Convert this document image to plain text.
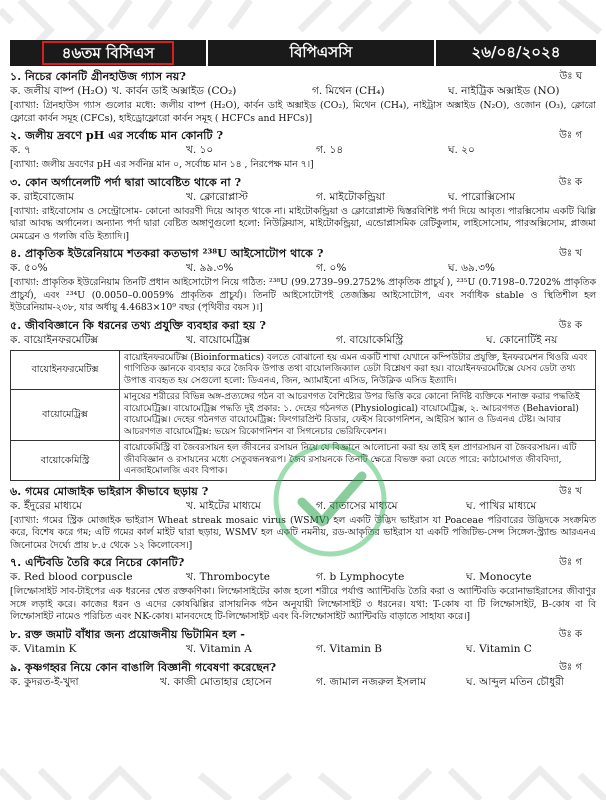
৪৬তম বিসিএস	বিপিএসসি	২৬/০৪/২০২৪
১. নিচের কোনটি গ্রীনহাউজ গ্যাস নয়?	উঃ ঘ
ক. জলীয় বাষ্প (H₂O) খ. কার্বন ডাই অক্সাইড (CO₂)	গ. মিথেন (CH₄)	ঘ. নাইট্রিক অক্সাইড (NO)
[ব্যাখ্যা: গ্রিনহাউস গ্যাস গুলোর মধ্যে: জলীয় বাষ্প (H₂O), কার্বন ডাই অক্সাইড (CO₂), মিথেন (CH₄), নাইট্রাস অক্সাইড (N₂O), ওজোন (O₃), ক্লোরো ফ্লোরো কার্বন সমূহ (CFCs), হাইড্রোফ্লোরো কার্বন সমূহ ( HCFCs and HFCs)]
২. জলীয় দ্রবণে pH এর সর্বোচ্চ মান কোনটি ?	উঃ গ
ক. ৭	খ. ১০	গ. ১৪	ঘ. ২০
[ব্যাখ্যা: জলীয় দ্রবণের pH এর সর্বনিম্ন মান ০, সর্বোচ্চ মান ১৪ , নিরপেক্ষ মান ৭।]
৩. কোন অর্গানেলটি পর্দা দ্বারা আবেষ্টিত থাকে না ?	উঃ ক
ক. রাইবোজোম	খ. ক্লোরোপ্লাস্ট	গ. মাইটোকন্ড্রিয়া	ঘ. পারোক্সিসোম
[ব্যাখ্যা: রাইবোসোম ও সেন্ট্রোসোম- কোনো আবরণী দিয়ে আবৃত থাকে না। মাইটোকন্ড্রিয়া ও ক্লোরোপ্লাস্ট দ্বিস্তরবিশিষ্ট পর্দা দিয়ে আবৃত। পারক্সিসোম একটি ঝিল্লি দ্বারা আবদ্ধ অর্গানেল। অন্যান্য পর্দা দ্বারা বেষ্টিত অঙ্গাণুগুলো হলো: নিউক্লিয়াস, মাইটোকন্ড্রিয়া, এন্ডোপ্লাসমিক রেটিকুলাম, লাইসোসোম, পারঅক্সিসোম, প্লাজমা মেমব্রেন ও গলজি বডি ইত্যাদি।]
৪. প্রাকৃতিক ইউরেনিয়ামে শতকরা কতভাগ ²³⁸U আইসোটোপ থাকে ?	উঃ খ
ক. ৫০%	খ. ৯৯.৩%	গ. ০%	ঘ. ৬৯.৩%
[ব্যাখ্যা: প্রাকৃতিক ইউরেনিয়াম তিনটি প্রধান আইসোটোপ নিয়ে গঠিত: ²³⁸U (99.2739–99.2752% প্রাকৃতিক প্রাচুর্য ), ²³⁵U (0.7198–0.7202% প্রাকৃতিক প্রাচুর্য), এবং ²³⁴U (0.0050–0.0059% প্রাকৃতিক প্রাচুর্য)। তিনটি আইসোটোপই তেজস্ক্রিয় আইসোটোপ, এবং সর্বাধিক stable ও স্থিতিশীল হল ইউরেনিয়াম-২৩৮, যার অর্ধায়ু 4.4683×10⁹ বছর (পৃথিবীর বয়স )।]
৫. জীববিজ্ঞানে কি ধরনের তথ্য প্রযুক্তি ব্যবহার করা হয় ?	উঃ ক
ক. বায়োইনফরমেটিক্স	খ. বায়োমেট্রিক্স	গ. বায়োকেমিস্ট্রি	ঘ. কোনোটিই নয়
বায়োইনফরমেটিক্স	বায়োইনফরমেটিক্স (Bioinformatics) বলতে বোঝানো হয় এমন একটি শাখা যেখানে কম্পিউটার প্রযুক্তি, ইনফরমেশন থিওরি এবং গাণিতিক জ্ঞানকে ব্যবহার করে জৈবিক উপাত্ত তথা বায়োলজিক্যাল ডেটা বিশ্লেষণ করা হয়। বায়োইনফরমেটিক্সে যেসব ডেটা তথ্য উপাত্ত ব্যবহৃত হয় সেগুলো হলো: ডিএনএ, জিন, অ্যামাইনো এসিড, নিউক্লিক এসিড ইত্যাদি।
বায়োমেট্রিক্স	মানুষের শরীরের বিভিন্ন অঙ্গ-প্রত্যঙ্গের গঠন বা আচরণগত বৈশিষ্ট্যের উপর ভিত্তি করে কোনো নির্দিষ্ট ব্যক্তিকে শনাক্ত করার পদ্ধতিই বায়োমেট্রিক্স। বায়োমেট্রিক্স পদ্ধতি দুই প্রকার: ১. দেহের গঠনগত (Physiological) বায়োমেট্রিক্স, ২. আচরণগত (Behavioral) বায়োমেট্রিক্স। দেহের গঠনগত বায়োমেট্রিক্স: ফিংগারপ্রিন্ট রিডার, ফেইস রিকোগনিশন, আইরিস স্ক্যান ও ডিএনএ টেষ্ট। আবার আচরণগত বায়োমেট্রিক্স: ভয়েস রিকোগনিশন বা সিগনেচার ভেরিফিকেশন।
বায়োকেমিস্ট্রি	বায়োকেমিস্ট্রি বা জৈবরসায়ন হল জীবনের রসায়ন নিয়ে যে বিজ্ঞানে আলোচনা করা হয় তাই হল প্রাণরসায়ন বা জৈবরসায়ন। এটি জীববিজ্ঞান ও রসায়নের মধ্যে সেতুবন্ধনস্বরূপ। জৈব রসায়নকে তিনটি ক্ষেত্রে বিভক্ত করা যেতে পারে: কাঠামোগত জীববিদ্যা, এনজাইমোলজি এবং বিপাক।
৬. গমের মোজাইক ভাইরাস কীভাবে ছড়ায় ?	উঃ খ
ক. ইঁদুরের মাধ্যমে	খ. মাইটের মাধ্যমে	গ. বাতাসের মাধ্যমে	ঘ. পাখির মাধ্যমে
[ব্যাখ্যা: গমের স্ট্রিক মোজাইক ভাইরাস Wheat streak mosaic virus (WSMV) হল একটি উদ্ভিদ ভাইরাস যা Poaceae পরিবারের উদ্ভিদকে সংক্রমিত করে, বিশেষ করে গম; এটি গমের কার্ল মাইট দ্বারা ছড়ায়, WSMV হল একটি নমনীয়, রড-আকৃতির ভাইরাস যা একটি পজিটিভ-সেন্স সিঙ্গেল-স্ট্র্যান্ড আরএনএ জিনোমের দৈর্ঘ্যে প্রায় ৮.৫ থেকে ১২ কিলোবেস।]
৭. এন্টিবডি তৈরি করে নিচের কোনটি?	উঃ গ
ক. Red blood corpuscle	খ. Thrombocyte	গ. b Lymphocyte	ঘ. Monocyte
[লিম্ফোসাইট সাব-টাইপের এক ধরনের শ্বেত রক্তকণিকা। লিম্ফোসাইটের কাজ হলো শরীরে পর্যাপ্ত অ্যান্টিবডি তৈরি করা ও অ্যান্টিবডি করোনাভাইরাসের জীবাণুর সঙ্গে লড়াই করে। কাজের ধরন ও এদের কোষঝিল্লির রাসায়নিক গঠন অনুযায়ী লিম্ফোসাইট ৩ ধরনের। যথা: T-কোষ বা টি লিম্ফোসাইট, B-কোষ বা বি লিম্ফোসাইট নামেও পরিচিত এবং NK-কোষ। মানবদেহে টি-লিম্ফোসাইট এবং বি-লিম্ফোসাইট অ্যান্টিবডি বাড়াতে সাহায্য করে।]
৮. রক্ত জমাট বাঁধার জন্য প্রয়োজনীয় ভিটামিন হল -	উঃ ক
ক. Vitamin K	খ. Vitamin A	গ. Vitamin B	ঘ. Vitamin C
৯. কৃষ্ণগহ্বর নিয়ে কোন বাঙালি বিজ্ঞানী গবেষণা করেছেন?	উঃ গ
ক. কুদরত-ই-খুদা	খ. কাজী মোতাহার হোসেন	গ. জামাল নজরুল ইসলাম	ঘ. আব্দুল মতিন চৌধুরী
